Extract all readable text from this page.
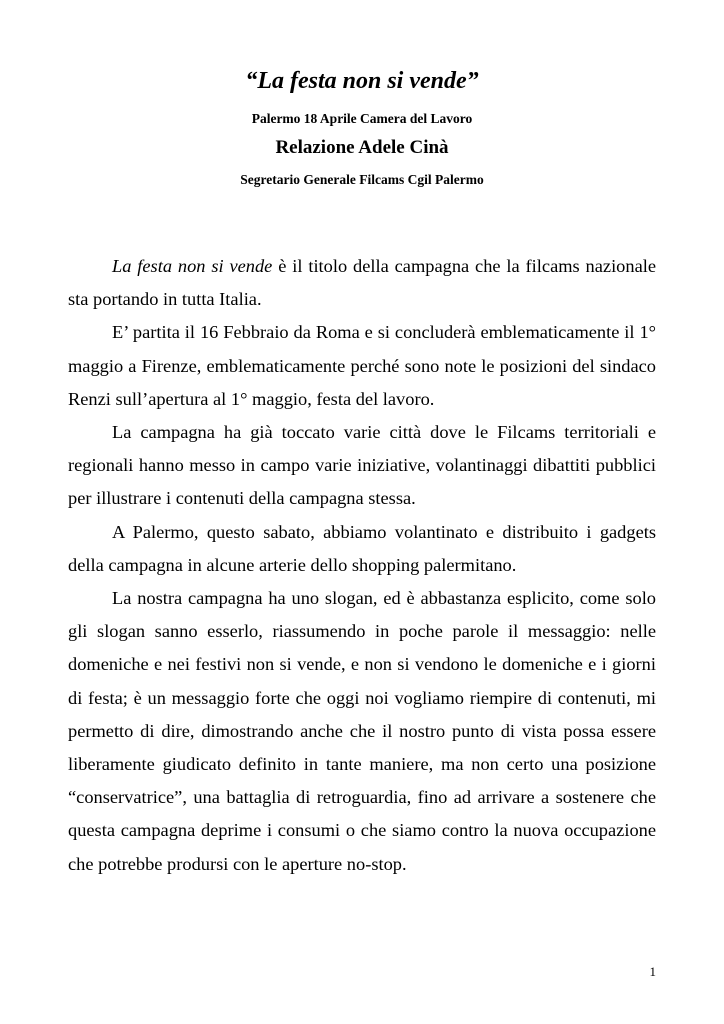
“La festa non si vende”
Palermo 18 Aprile Camera del Lavoro
Relazione Adele Cinà
Segretario Generale Filcams Cgil Palermo

La festa non si vende è il titolo della campagna che la filcams nazionale sta portando in tutta Italia.

E’ partita il 16 Febbraio da Roma e si concluderà emblematicamente il 1° maggio a Firenze, emblematicamente perché sono note le posizioni del sindaco Renzi sull’apertura al 1° maggio, festa del lavoro.

La campagna ha già toccato varie città dove le Filcams territoriali e regionali hanno messo in campo varie iniziative, volantinaggi dibattiti pubblici per illustrare i contenuti della campagna stessa.

A Palermo, questo sabato, abbiamo volantinato e distribuito i gadgets della campagna in alcune arterie dello shopping palermitano.

La nostra campagna ha uno slogan, ed è abbastanza esplicito, come solo gli slogan sanno esserlo, riassumendo in poche parole il messaggio: nelle domeniche e nei festivi non si vende, e non si vendono le domeniche e i giorni di festa; è un messaggio forte che oggi noi vogliamo riempire di contenuti, mi permetto di dire, dimostrando anche che il nostro punto di vista possa essere liberamente giudicato definito in tante maniere, ma non certo una posizione “conservatrice”, una battaglia di retroguardia, fino ad arrivare a sostenere che questa campagna deprime i consumi o che siamo contro la nuova occupazione che potrebbe prodursi con le aperture no-stop.

1
